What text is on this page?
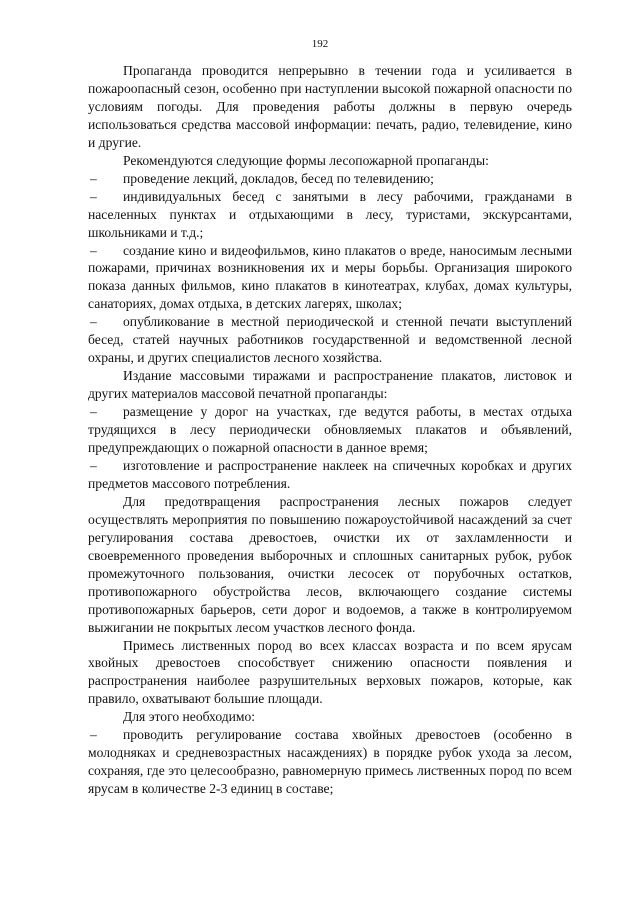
192

Пропаганда проводится непрерывно в течении года и усиливается в пожароопасный сезон, особенно при наступлении высокой пожарной опасности по условиям погоды. Для проведения работы должны в первую очередь использоваться средства массовой информации: печать, радио, телевидение, кино и другие.

Рекомендуются следующие формы лесопожарной пропаганды:

– проведение лекций, докладов, бесед по телевидению;

– индивидуальных бесед с занятыми в лесу рабочими, гражданами в населенных пунктах и отдыхающими в лесу, туристами, экскурсантами, школьниками и т.д.;

– создание кино и видеофильмов, кино плакатов о вреде, наносимым лесными пожарами, причинах возникновения их и меры борьбы. Организация широкого показа данных фильмов, кино плакатов в кинотеатрах, клубах, домах культуры, санаториях, домах отдыха, в детских лагерях, школах;

– опубликование в местной периодической и стенной печати выступлений бесед, статей научных работников государственной и ведомственной лесной охраны, и других специалистов лесного хозяйства.

Издание массовыми тиражами и распространение плакатов, листовок и других материалов массовой печатной пропаганды:

– размещение у дорог на участках, где ведутся работы, в местах отдыха трудящихся в лесу периодически обновляемых плакатов и объявлений, предупреждающих о пожарной опасности в данное время;

– изготовление и распространение наклеек на спичечных коробках и других предметов массового потребления.

Для предотвращения распространения лесных пожаров следует осуществлять мероприятия по повышению пожароустойчивой насаждений за счет регулирования состава древостоев, очистки их от захламленности и своевременного проведения выборочных и сплошных санитарных рубок, рубок промежуточного пользования, очистки лесосек от порубочных остатков, противопожарного обустройства лесов, включающего создание системы противопожарных барьеров, сети дорог и водоемов, а также в контролируемом выжигании не покрытых лесом участков лесного фонда.

Примесь лиственных пород во всех классах возраста и по всем ярусам хвойных древостоев способствует снижению опасности появления и распространения наиболее разрушительных верховых пожаров, которые, как правило, охватывают большие площади.

Для этого необходимо:

– проводить регулирование состава хвойных древостоев (особенно в молодняках и средневозрастных насаждениях) в порядке рубок ухода за лесом, сохраняя, где это целесообразно, равномерную примесь лиственных пород по всем ярусам в количестве 2-3 единиц в составе;
